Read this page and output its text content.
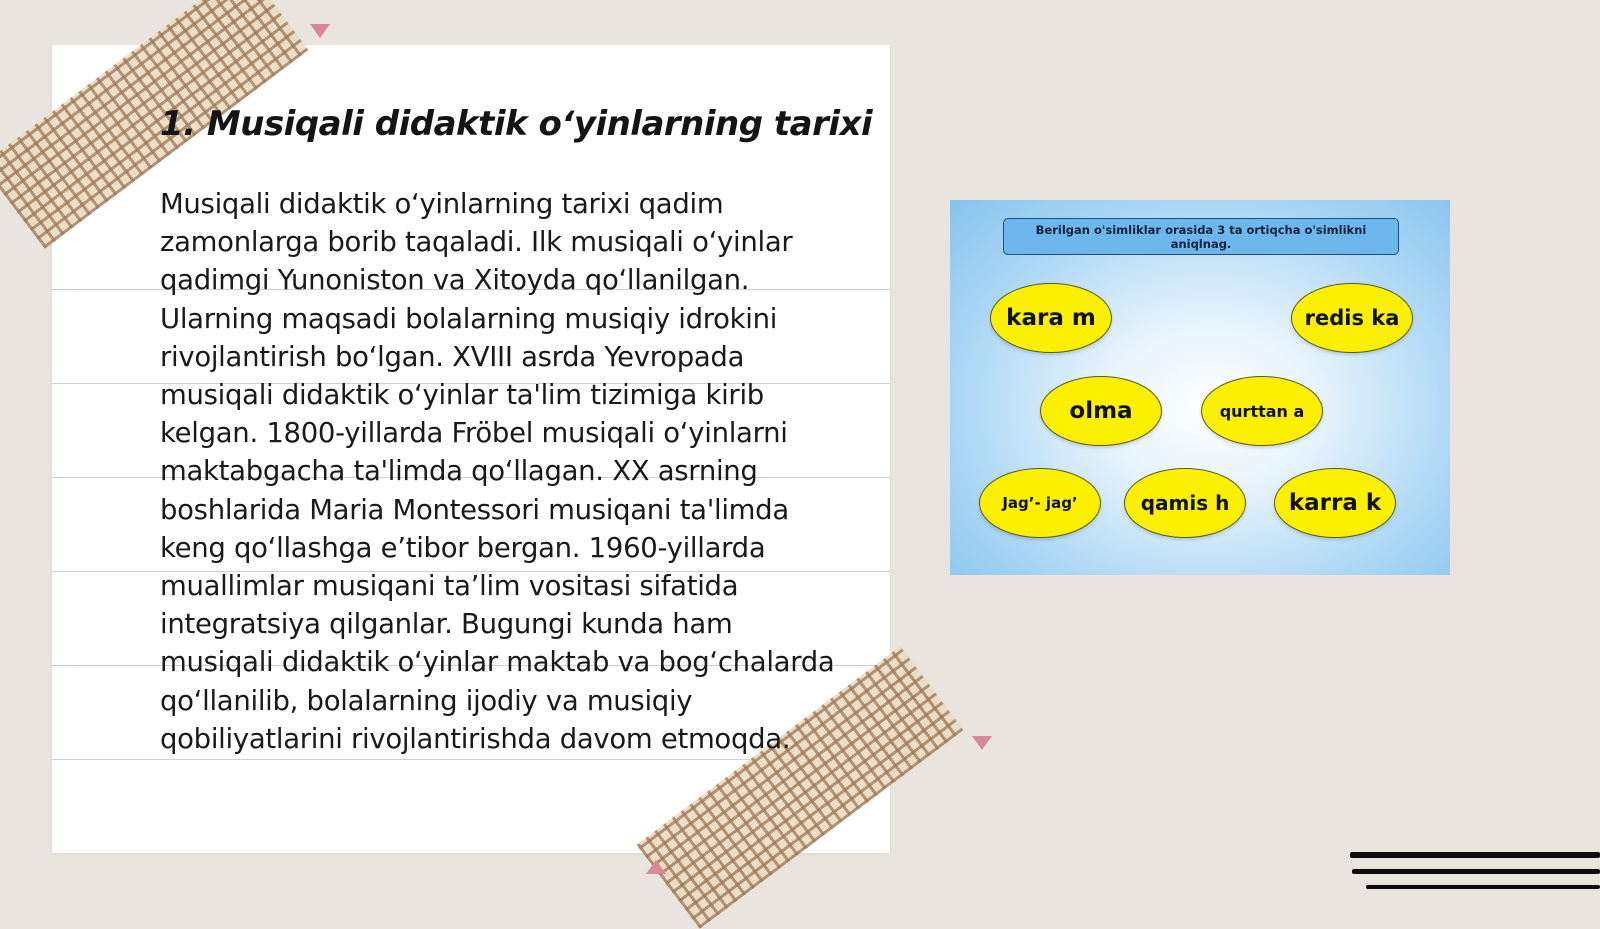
1. Musiqali didaktik o‘yinlarning tarixi

Musiqali didaktik o‘yinlarning tarixi qadim zamonlarga borib taqaladi. Ilk musiqali o‘yinlar qadimgi Yunoniston va Xitoyda qo‘llanilgan. Ularning maqsadi bolalarning musiqiy idrokini rivojlantirish bo‘lgan. XVIII asrda Yevropada musiqali didaktik o‘yinlar ta'lim tizimiga kirib kelgan. 1800-yillarda Fröbel musiqali o‘yinlarni maktabgacha ta'limda qo‘llagan. XX asrning boshlarida Maria Montessori musiqani ta'limda keng qo‘llashga e’tibor bergan. 1960-yillarda muallimlar musiqani ta’lim vositasi sifatida integratsiya qilganlar. Bugungi kunda ham musiqali didaktik o‘yinlar maktab va bog‘chalarda qo‘llanilib, bolalarning ijodiy va musiqiy qobiliyatlarini rivojlantirishda davom etmoqda.

Berilgan o'simliklar orasida 3 ta ortiqcha o'simlikni aniqlnag.
kara m	redis ka
olma	qurttan a
Jag’- jag’	qamis h	karra k
